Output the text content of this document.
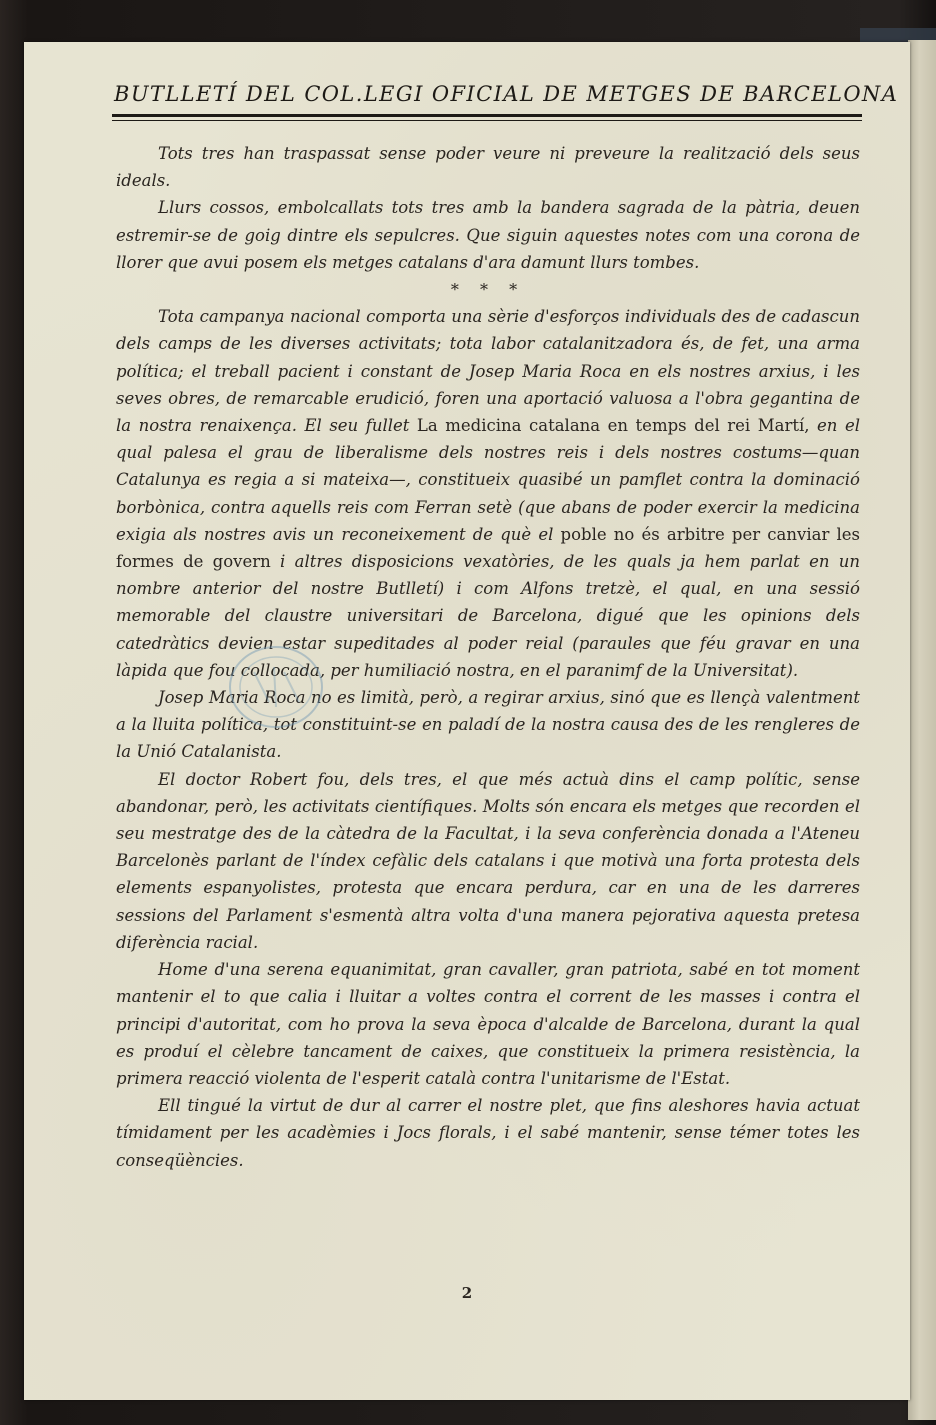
BUTLLETÍ DEL COL.LEGI OFICIAL DE METGES DE BARCELONA

Tots tres han traspassat sense poder veure ni preveure la realització dels seus ideals.

Llurs cossos, embolcallats tots tres amb la bandera sagrada de la pàtria, deuen estremir-se de goig dintre els sepulcres. Que siguin aquestes notes com una corona de llorer que avui posem els metges catalans d'ara damunt llurs tombes.

* * *

Tota campanya nacional comporta una sèrie d'esforços individuals des de cadascun dels camps de les diverses activitats; tota labor catalanitzadora és, de fet, una arma política; el treball pacient i constant de Josep Maria Roca en els nostres arxius, i les seves obres, de remarcable erudició, foren una aportació valuosa a l'obra gegantina de la nostra renaixença. El seu fullet La medicina catalana en temps del rei Martí, en el qual palesa el grau de liberalisme dels nostres reis i dels nostres costums—quan Catalunya es regia a si mateixa—, constitueix quasibé un pamflet contra la dominació borbònica, contra aquells reis com Ferran setè (que abans de poder exercir la medicina exigia als nostres avis un reconeixement de què el poble no és arbitre per canviar les formes de govern i altres disposicions vexatòries, de les quals ja hem parlat en un nombre anterior del nostre Butlletí) i com Alfons tretzè, el qual, en una sessió memorable del claustre universitari de Barcelona, digué que les opinions dels catedràtics devien estar supeditades al poder reial (paraules que féu gravar en una làpida que fou collocada, per humiliació nostra, en el paranimf de la Universitat).

Josep Maria Roca no es limità, però, a regirar arxius, sinó que es llençà valentment a la lluita política, tot constituint-se en paladí de la nostra causa des de les rengleres de la Unió Catalanista.

El doctor Robert fou, dels tres, el que més actuà dins el camp polític, sense abandonar, però, les activitats científiques. Molts són encara els metges que recorden el seu mestratge des de la càtedra de la Facultat, i la seva conferència donada a l'Ateneu Barcelonès parlant de l'índex cefàlic dels catalans i que motivà una forta protesta dels elements espanyolistes, protesta que encara perdura, car en una de les darreres sessions del Parlament s'esmentà altra volta d'una manera pejorativa aquesta pretesa diferència racial.

Home d'una serena equanimitat, gran cavaller, gran patriota, sabé en tot moment mantenir el to que calia i lluitar a voltes contra el corrent de les masses i contra el principi d'autoritat, com ho prova la seva època d'alcalde de Barcelona, durant la qual es produí el cèlebre tancament de caixes, que constitueix la primera resistència, la primera reacció violenta de l'esperit català contra l'unitarisme de l'Estat.

Ell tingué la virtut de dur al carrer el nostre plet, que fins aleshores havia actuat tímidament per les acadèmies i Jocs florals, i el sabé mantenir, sense témer totes les conseqüències.

2
